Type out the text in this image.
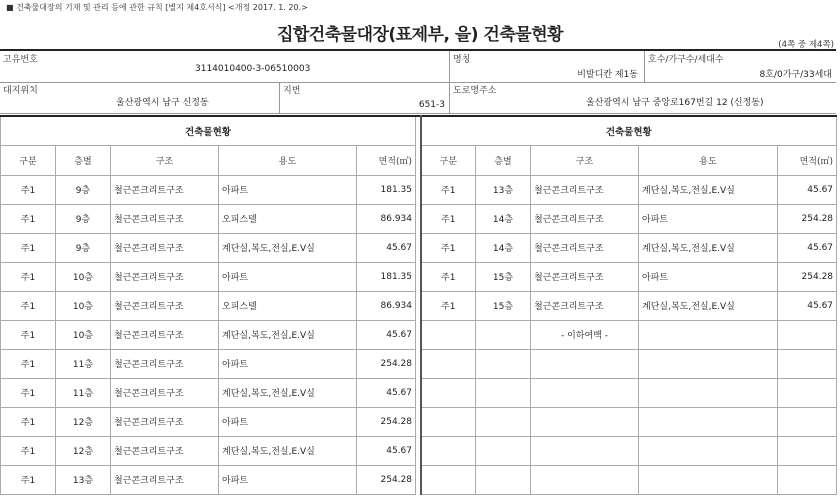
■ 건축물대장의 기재 및 관리 등에 관한 규칙 [별지 제4호서식] <개정 2017. 1. 20.>
집합건축물대장(표제부, 을) 건축물현황	(4쪽 중 제4쪽)
고유번호
3114010400-3-06510003
명칭
비발디칸 제1동
호수/가구수/세대수
8호/0가구/33세대
대지위치
울산광역시 남구 신정동
지번
651-3
도로명주소
울산광역시 남구 중앙로167번길 12 (신정동)
건축물현황						건축물현황				
구분	층별	구조	용도	면적(㎡)		구분	층별	구조	용도	면적(㎡)
주1	9층	철근콘크리트구조	아파트	181.35		주1	13층	철근콘크리트구조	계단실,복도,전실,E.V실	45.67
주1	9층	철근콘크리트구조	오피스텔	86.934		주1	14층	철근콘크리트구조	아파트	254.28
주1	9층	철근콘크리트구조	계단실,복도,전실,E.V실	45.67		주1	14층	철근콘크리트구조	계단실,복도,전실,E.V실	45.67
주1	10층	철근콘크리트구조	아파트	181.35		주1	15층	철근콘크리트구조	아파트	254.28
주1	10층	철근콘크리트구조	오피스텔	86.934		주1	15층	철근콘크리트구조	계단실,복도,전실,E.V실	45.67
주1	10층	철근콘크리트구조	계단실,복도,전실,E.V실	45.67				- 이하여백 -		
주1	11층	철근콘크리트구조	아파트	254.28						
주1	11층	철근콘크리트구조	계단실,복도,전실,E.V실	45.67						
주1	12층	철근콘크리트구조	아파트	254.28						
주1	12층	철근콘크리트구조	계단실,복도,전실,E.V실	45.67						
주1	13층	철근콘크리트구조	아파트	254.28						
